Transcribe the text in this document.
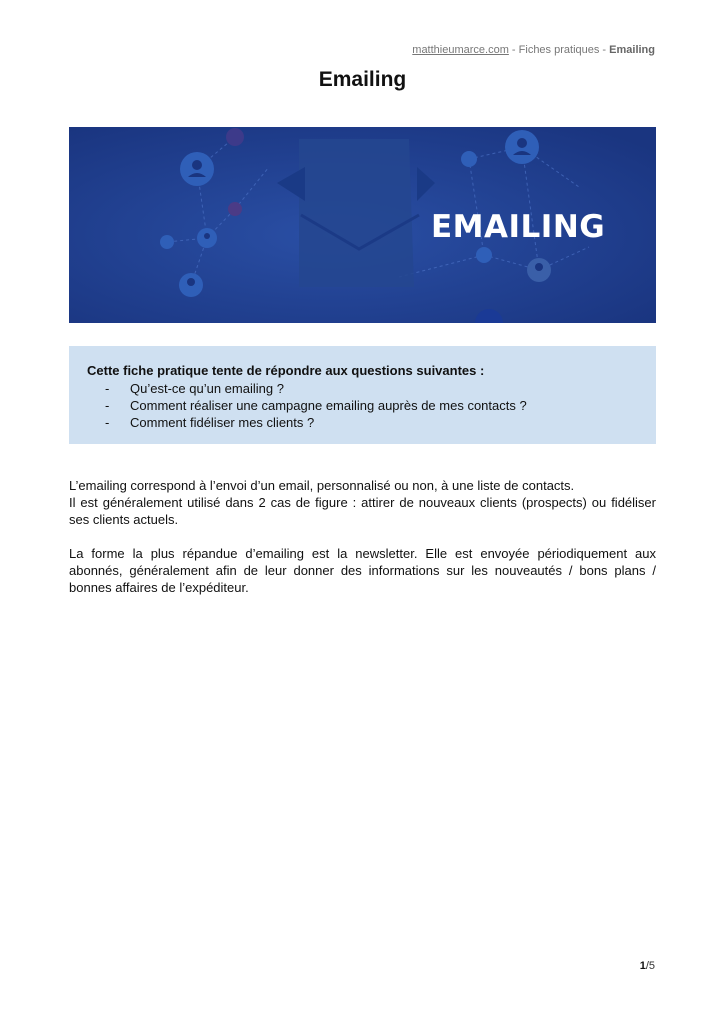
matthieumarce.com - Fiches pratiques - Emailing
Emailing
EMAILING
Cette fiche pratique tente de répondre aux questions suivantes :
- Qu’est-ce qu’un emailing ?
- Comment réaliser une campagne emailing auprès de mes contacts ?
- Comment fidéliser mes clients ?
L’emailing correspond à l’envoi d’un email, personnalisé ou non, à une liste de contacts.
Il est généralement utilisé dans 2 cas de figure : attirer de nouveaux clients (prospects) ou fidéliser ses clients actuels.
La forme la plus répandue d’emailing est la newsletter. Elle est envoyée périodiquement aux abonnés, généralement afin de leur donner des informations sur les nouveautés / bons plans / bonnes affaires de l’expéditeur.
1/5
